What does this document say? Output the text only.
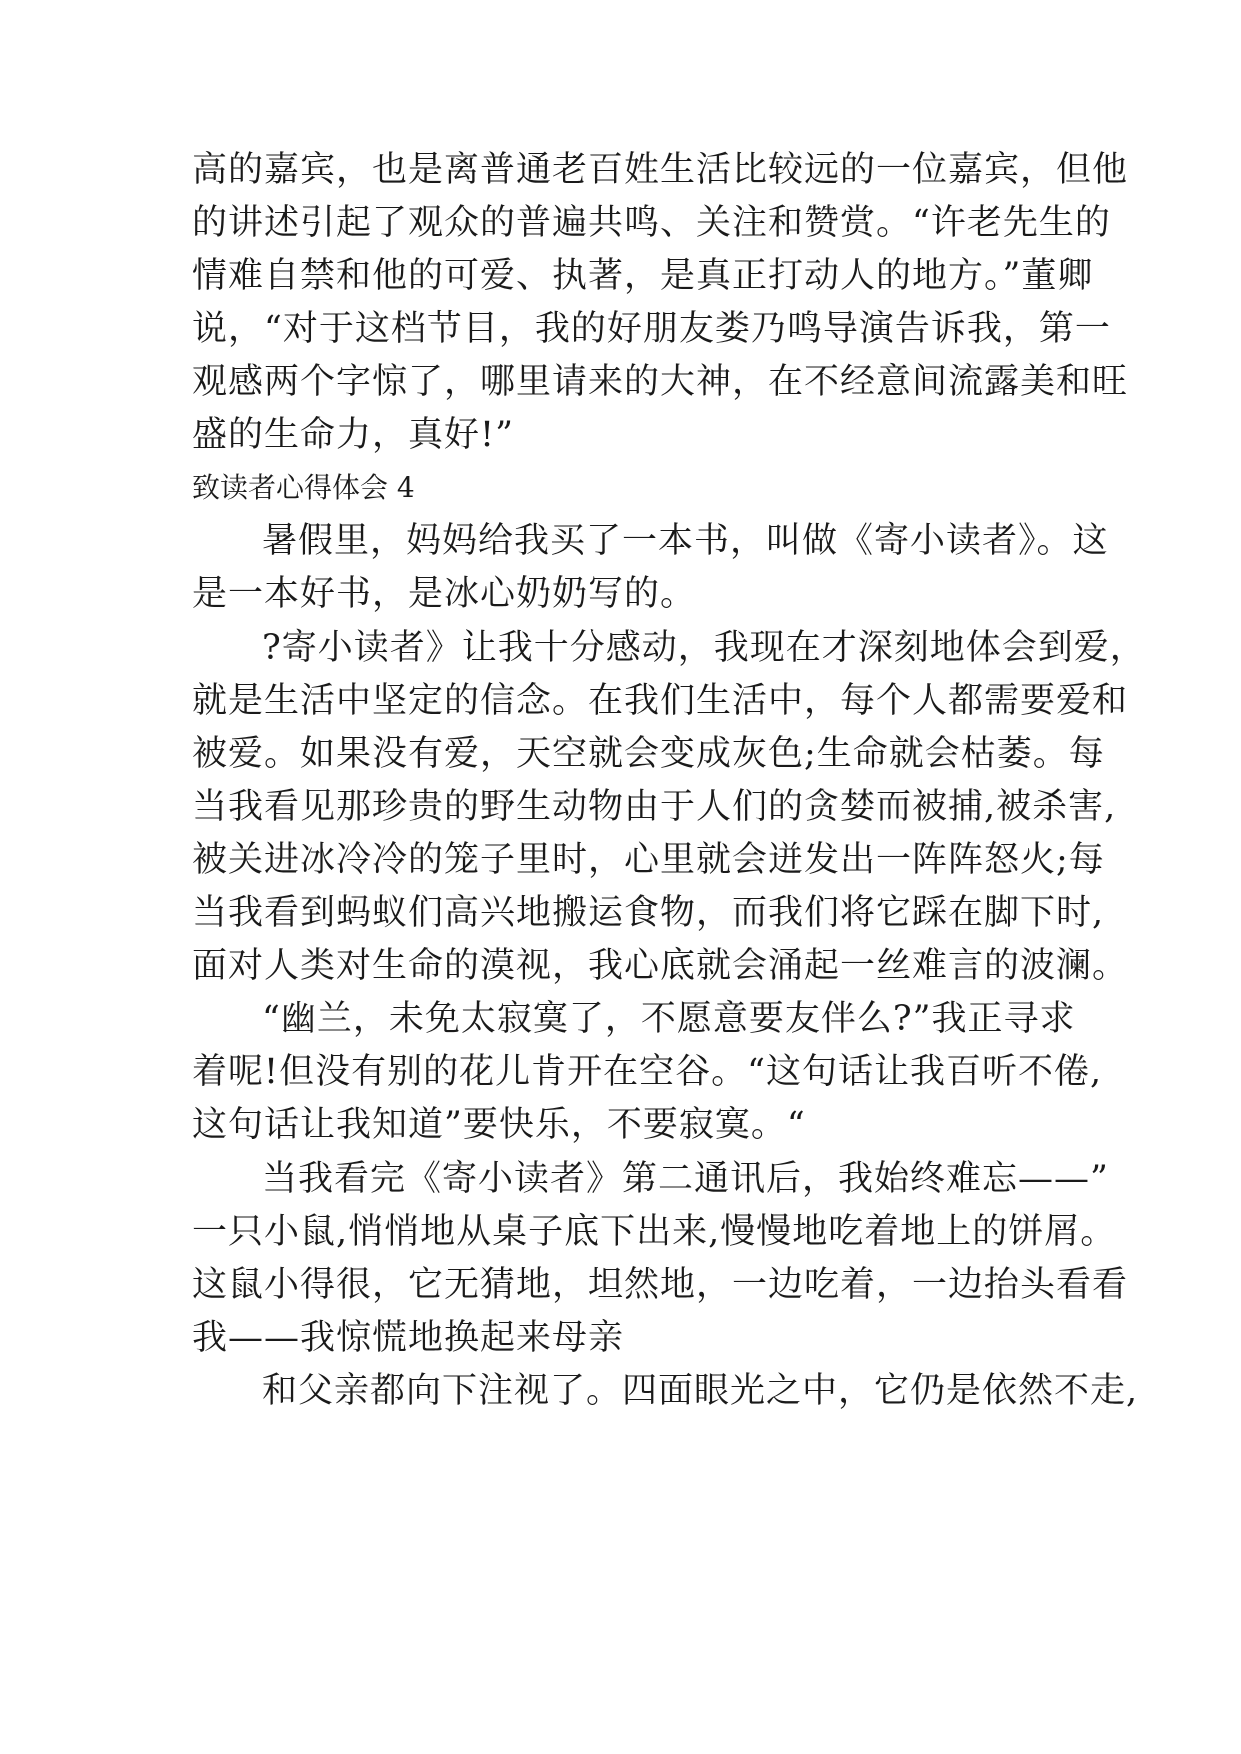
高的嘉宾，也是离普通老百姓生活比较远的一位嘉宾，但他
的讲述引起了观众的普遍共鸣、关注和赞赏。“许老先生的
情难自禁和他的可爱、执著，是真正打动人的地方。”董卿
说，“对于这档节目，我的好朋友娄乃鸣导演告诉我，第一
观感两个字惊了，哪里请来的大神，在不经意间流露美和旺
盛的生命力，真好!”
致读者心得体会 4
暑假里，妈妈给我买了一本书，叫做《寄小读者》。这
是一本好书，是冰心奶奶写的。
?寄小读者》让我十分感动，我现在才深刻地体会到爱，
就是生活中坚定的信念。在我们生活中，每个人都需要爱和
被爱。如果没有爱，天空就会变成灰色;生命就会枯萎。每
当我看见那珍贵的野生动物由于人们的贪婪而被捕,被杀害,
被关进冰冷冷的笼子里时，心里就会迸发出一阵阵怒火;每
当我看到蚂蚁们高兴地搬运食物，而我们将它踩在脚下时,
面对人类对生命的漠视，我心底就会涌起一丝难言的波澜。
“幽兰，未免太寂寞了，不愿意要友伴么?”我正寻求
着呢!但没有别的花儿肯开在空谷。“这句话让我百听不倦,
这句话让我知道”要快乐，不要寂寞。“
当我看完《寄小读者》第二通讯后，我始终难忘——”
一只小鼠,悄悄地从桌子底下出来,慢慢地吃着地上的饼屑。
这鼠小得很，它无猜地，坦然地，一边吃着，一边抬头看看
我——我惊慌地换起来母亲
和父亲都向下注视了。四面眼光之中，它仍是依然不走,
